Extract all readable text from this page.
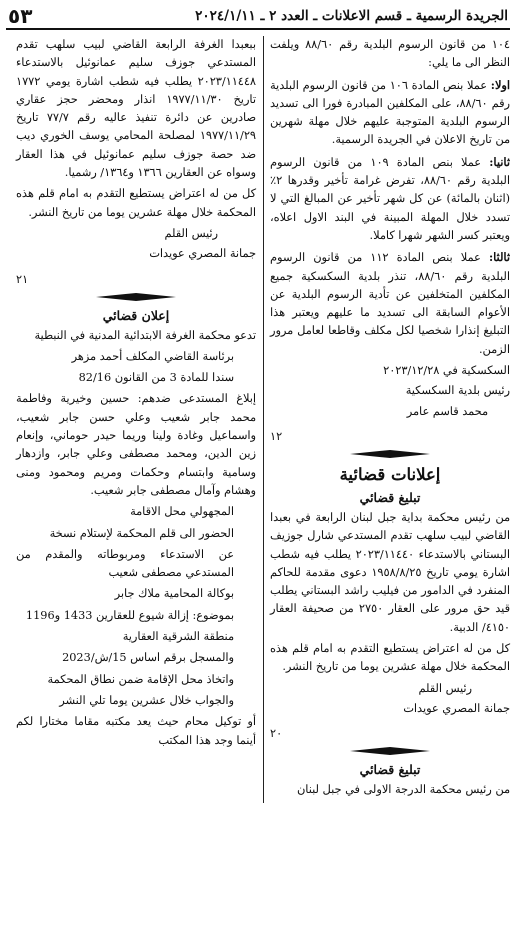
الجريدة الرسمية ـ قسم الاعلانات ـ العدد ٢ ـ ٢٠٢٤/١/١١
٥٣

١٠٤ من قانون الرسوم البلدية رقم ٨٨/٦٠ ويلفت النظر الى ما يلي:

اولا: عملا بنص المادة ١٠٦ من قانون الرسوم البلدية رقم ٨٨/٦٠، على المكلفين المبادرة فورا الى تسديد الرسوم البلدية المتوجبة عليهم خلال مهلة شهرين من تاريخ الاعلان في الجريدة الرسمية.

ثانيا: عملا بنص المادة ١٠٩ من قانون الرسوم البلدية رقم ٨٨/٦٠، تفرض غرامة تأخير وقدرها ٢٪ (اثنان بالمائة) عن كل شهر تأخير عن المبالغ التي لا تسدد خلال المهلة المبينة في البند الاول اعلاه، ويعتبر كسر الشهر شهرا كاملا.

ثالثا: عملا بنص المادة ١١٢ من قانون الرسوم البلدية رقم ٨٨/٦٠، تنذر بلدية السكسكية جميع المكلفين المتخلفين عن تأدية الرسوم البلدية عن الأعوام السابقة الى تسديد ما عليهم ويعتبر هذا التبليغ إنذارا شخصيا لكل مكلف وقاطعا لعامل مرور الزمن.

السكسكية في ٢٠٢٣/١٢/٢٨
رئيس بلدية السكسكية
محمد قاسم عامر
١٢
إعلانات قضائية
تبليغ قضائي

من رئيس محكمة بداية جبل لبنان الرابعة في بعبدا القاضي لبيب سلهب تقدم المستدعي شارل جوزيف البستاني بالاستدعاء ٢٠٢٣/١١٤٤٠ يطلب فيه شطب اشارة يومي تاريخ ١٩٥٨/٨/٢٥ دعوى مقدمة للحاكم المنفرد في الدامور من فيليب راشد البستاني يطلب قيد حق مرور على العقار ٢٧٥٠ من صحيفة العقار ٤١٥٠/ الدبية.

كل من له اعتراض يستطيع التقدم به امام قلم هذه المحكمة خلال مهلة عشرين يوما من تاريخ النشر.

رئيس القلم
جمانة المصري عويدات
٢٠
تبليغ قضائي

من رئيس محكمة الدرجة الاولى في جبل لبنان

ببعبدا الغرفة الرابعة القاضي لبيب سلهب تقدم المستدعي جوزف سليم عمانوئيل بالاستدعاء ٢٠٢٣/١١٤٤٨ يطلب فيه شطب اشارة يومي ١٧٧٢ تاريخ ١٩٧٧/١١/٣٠ انذار ومحضر حجز عقاري صادرين عن دائرة تنفيذ عاليه رقم ٧٧/٧ تاريخ ١٩٧٧/١١/٢٩ لمصلحة المحامي يوسف الخوري ديب ضد حصة جوزف سليم عمانوئيل في هذا العقار وسواه عن العقارين ١٣٦٦ و١٣٦٤/ رشميا.

كل من له اعتراض يستطيع التقدم به امام قلم هذه المحكمة خلال مهلة عشرين يوما من تاريخ النشر.

رئيس القلم
جمانة المصري عويدات
٢١
إعلان قضائي

تدعو محكمة الغرفة الابتدائية المدنية في النبطية

برئاسة القاضي المكلف أحمد مزهر

سندا للمادة 3 من القانون 82/16

إبلاغ المستدعى ضدهم: حسين وخيرية وفاطمة محمد جابر شعيب وعلي حسن جابر شعيب، واسماعيل وغادة ولينا وريما حيدر حوماني، وإنعام زين الدين، ومحمد مصطفى وعلي جابر، وازدهار وسامية وابتسام وحكمات ومريم ومحمود ومنى وهشام وآمال مصطفى جابر شعيب.

المجهولي محل الاقامة

الحضور الى قلم المحكمة لإستلام نسخة

عن الاستدعاء ومربوطاته والمقدم من المستدعي مصطفى شعيب

بوكالة المحامية ملاك جابر

بموضوع: إزالة شيوع للعقارين 1433 و1196

منطقة الشرقية العقارية

والمسجل برقم اساس 15/ش/2023

واتخاذ محل الإقامة ضمن نطاق المحكمة

والجواب خلال عشرين يوما تلي النشر

أو توكيل محام حيث يعد مكتبه مقاما مختارا لكم أينما وجد هذا المكتب
